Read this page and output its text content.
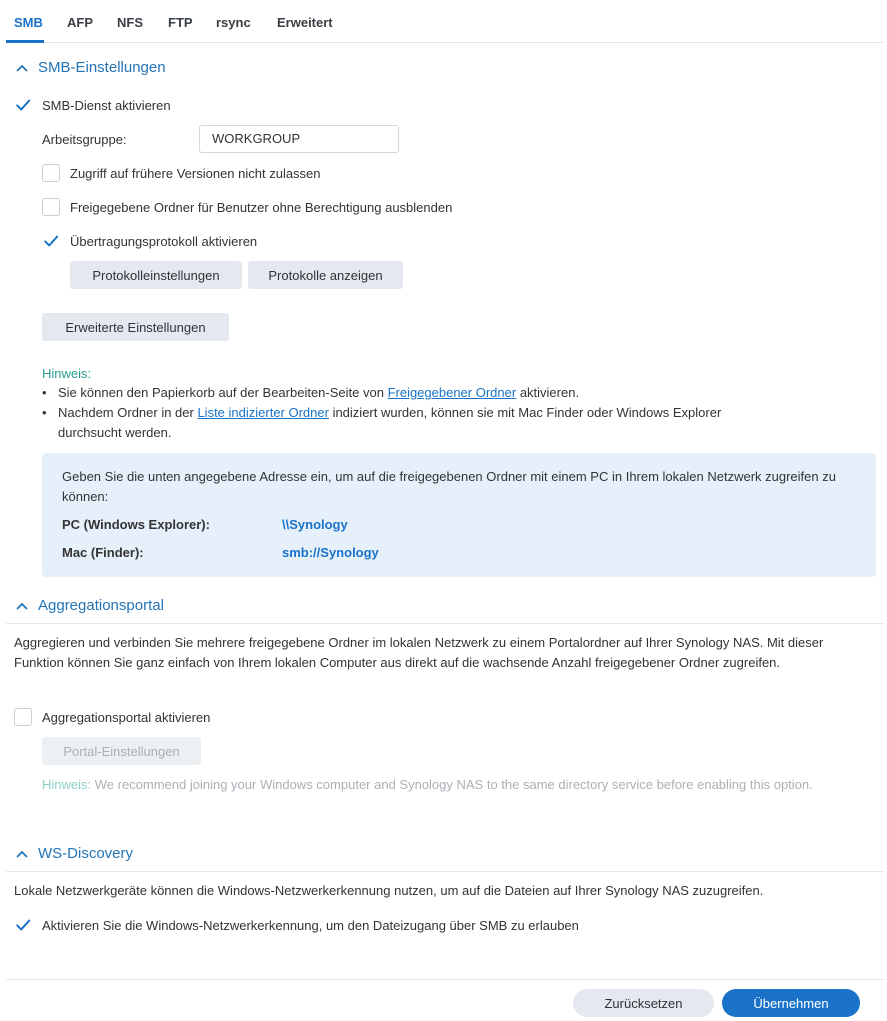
SMB AFP NFS FTP rsync Erweitert
SMB-Einstellungen
SMB-Dienst aktivieren
Arbeitsgruppe:	WORKGROUP
Zugriff auf frühere Versionen nicht zulassen
Freigegebene Ordner für Benutzer ohne Berechtigung ausblenden
Übertragungsprotokoll aktivieren
Protokolleinstellungen	Protokolle anzeigen
Erweiterte Einstellungen
Hinweis:
• Sie können den Papierkorb auf der Bearbeiten-Seite von Freigegebener Ordner aktivieren.
• Nachdem Ordner in der Liste indizierter Ordner indiziert wurden, können sie mit Mac Finder oder Windows Explorer
durchsucht werden.
Geben Sie die unten angegebene Adresse ein, um auf die freigegebenen Ordner mit einem PC in Ihrem lokalen Netzwerk zugreifen zu können:
PC (Windows Explorer):	\\Synology
Mac (Finder):	smb://Synology
Aggregationsportal
Aggregieren und verbinden Sie mehrere freigegebene Ordner im lokalen Netzwerk zu einem Portalordner auf Ihrer Synology NAS. Mit dieser Funktion können Sie ganz einfach von Ihrem lokalen Computer aus direkt auf die wachsende Anzahl freigegebener Ordner zugreifen.
Aggregationsportal aktivieren
Portal-Einstellungen
Hinweis: We recommend joining your Windows computer and Synology NAS to the same directory service before enabling this option.
WS-Discovery
Lokale Netzwerkgeräte können die Windows-Netzwerkerkennung nutzen, um auf die Dateien auf Ihrer Synology NAS zuzugreifen.
Aktivieren Sie die Windows-Netzwerkerkennung, um den Dateizugang über SMB zu erlauben
Zurücksetzen	Übernehmen
